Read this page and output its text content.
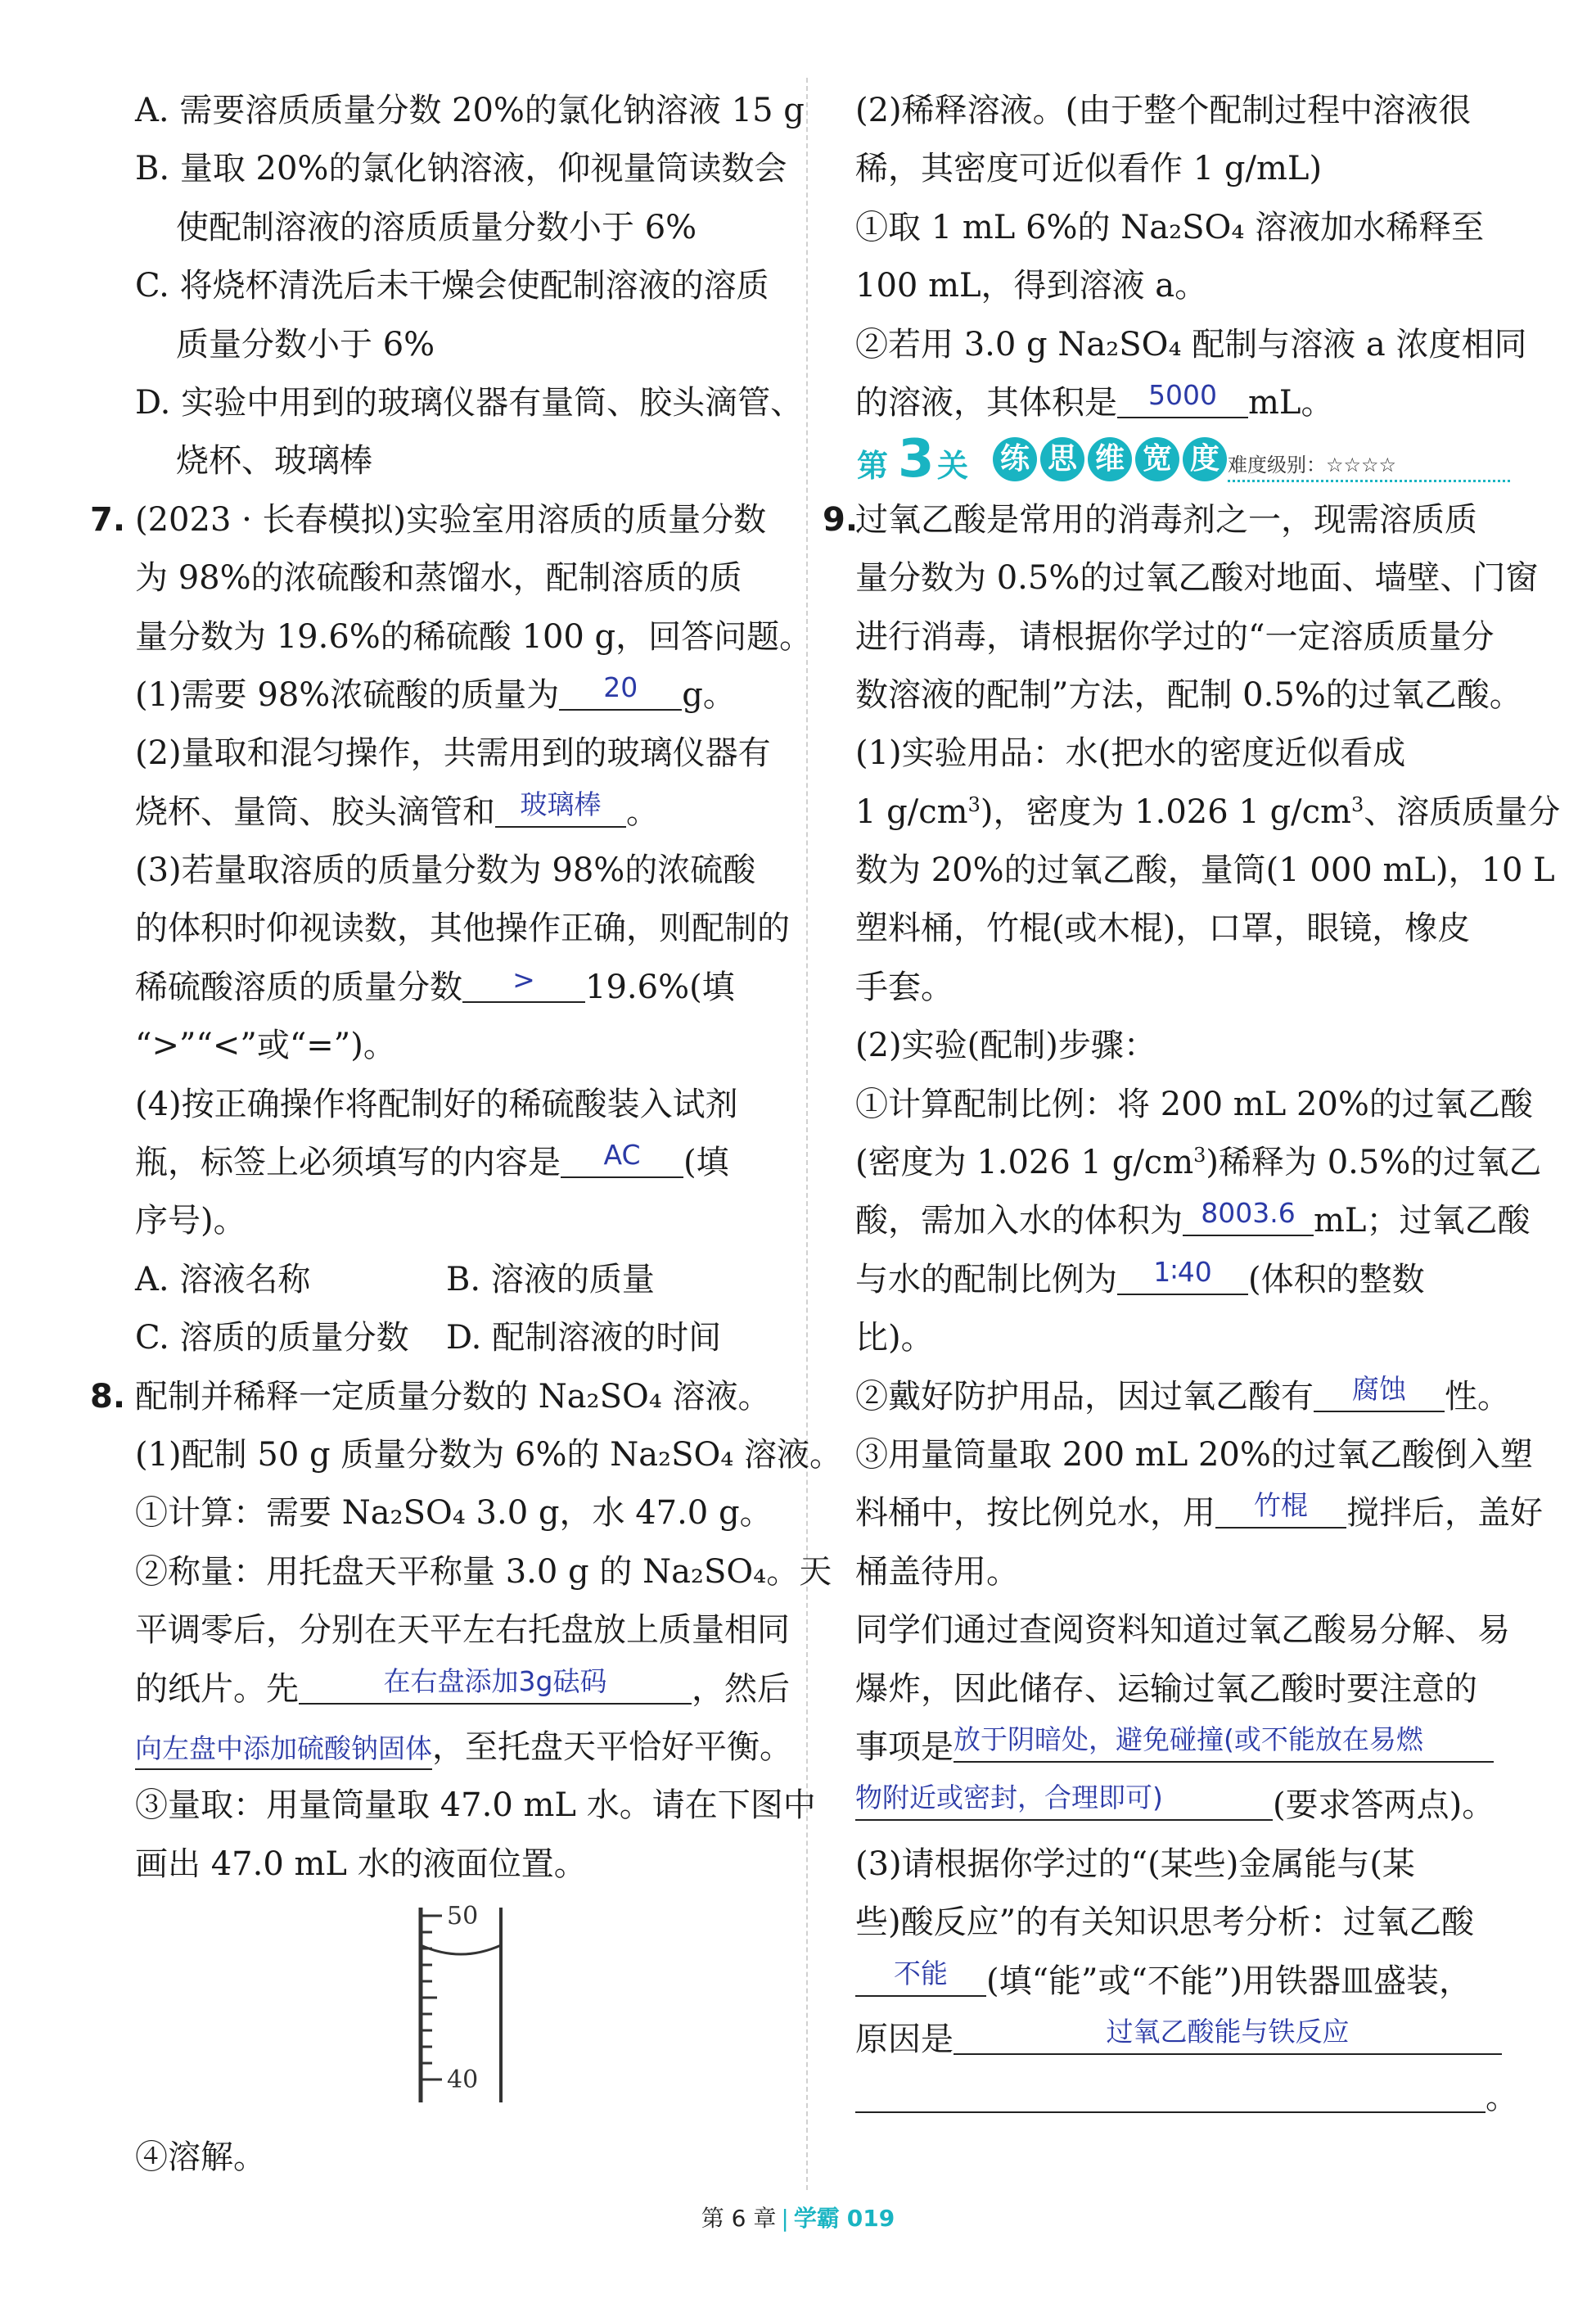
A. 需要溶质质量分数 20%的氯化钠溶液 15 g
B. 量取 20%的氯化钠溶液，仰视量筒读数会
使配制溶液的溶质质量分数小于 6%
C. 将烧杯清洗后未干燥会使配制溶液的溶质
质量分数小于 6%
D. 实验中用到的玻璃仪器有量筒、胶头滴管、
烧杯、玻璃棒
7. (2023 · 长春模拟)实验室用溶质的质量分数
为 98%的浓硫酸和蒸馏水，配制溶质的质
量分数为 19.6%的稀硫酸 100 g，回答问题。
(1)需要 98%浓硫酸的质量为	20	g。
(2)量取和混匀操作，共需用到的玻璃仪器有
烧杯、量筒、胶头滴管和 玻璃棒 。
(3)若量取溶质的质量分数为 98%的浓硫酸
的体积时仰视读数，其他操作正确，则配制的
稀硫酸溶质的质量分数	>	19.6%(填
“>”“<”或“=”)。
(4)按正确操作将配制好的稀硫酸装入试剂
瓶，标签上必须填写的内容是	AC	(填
序号)。
A. 溶液名称	B. 溶液的质量
C. 溶质的质量分数 D. 配制溶液的时间
8. 配制并稀释一定质量分数的 Na₂SO₄ 溶液。
(1)配制 50 g 质量分数为 6%的 Na₂SO₄ 溶液。
①计算：需要 Na₂SO₄ 3.0 g，水 47.0 g。
②称量：用托盘天平称量 3.0 g 的 Na₂SO₄。天
平调零后，分别在天平左右托盘放上质量相同
的纸片。先	在右盘添加3g砝码	，然后
向左盘中添加硫酸钠固体，至托盘天平恰好平衡。
③量取：用量筒量取 47.0 mL 水。请在下图中
画出 47.0 mL 水的液面位置。
50
40
④溶解。
(2)稀释溶液。(由于整个配制过程中溶液很
稀，其密度可近似看作 1 g/mL)
①取 1 mL 6%的 Na₂SO₄ 溶液加水稀释至
100 mL，得到溶液 a。
②若用 3.0 g Na₂SO₄ 配制与溶液 a 浓度相同
的溶液，其体积是	5000 mL。
第 3 关 练 思 维 宽 度 难度级别：☆☆☆☆
9.
过氧乙酸是常用的消毒剂之一，现需溶质质
量分数为 0.5%的过氧乙酸对地面、墙壁、门窗
进行消毒，请根据你学过的“一定溶质质量分
数溶液的配制”方法，配制 0.5%的过氧乙酸。
(1)实验用品：水(把水的密度近似看成
1 $g/cm^3$)，密度为 1.026 1 $g/cm^3$、溶质质量分
数为 20%的过氧乙酸，量筒(1 000 mL)，10 L
塑料桶，竹棍(或木棍)，口罩，眼镜，橡皮
手套。
(2)实验(配制)步骤：
①计算配制比例：将 200 mL 20%的过氧乙酸
(密度为 1.026 1 $g/cm^3$)稀释为 0.5%的过氧乙
酸，需加入水的体积为 8003.6 mL；过氧乙酸
与水的配制比例为	1∶40	(体积的整数
比)。
②戴好防护用品，因过氧乙酸有	腐蚀	性。
③用量筒量取 200 mL 20%的过氧乙酸倒入塑
料桶中，按比例兑水，用	竹棍	搅拌后，盖好
桶盖待用。
同学们通过查阅资料知道过氧乙酸易分解、易
爆炸，因此储存、运输过氧乙酸时要注意的
事项是 放于阴暗处，避免碰撞(或不能放在易燃
物附近或密封，合理即可)	(要求答两点)。
(3)请根据你学过的“(某些)金属能与(某
些)酸反应”的有关知识思考分析：过氧乙酸
不能	(填“能”或“不能”)用铁器皿盛装，
原因是	过氧乙酸能与铁反应
。
第 6 章 | 学霸 019
